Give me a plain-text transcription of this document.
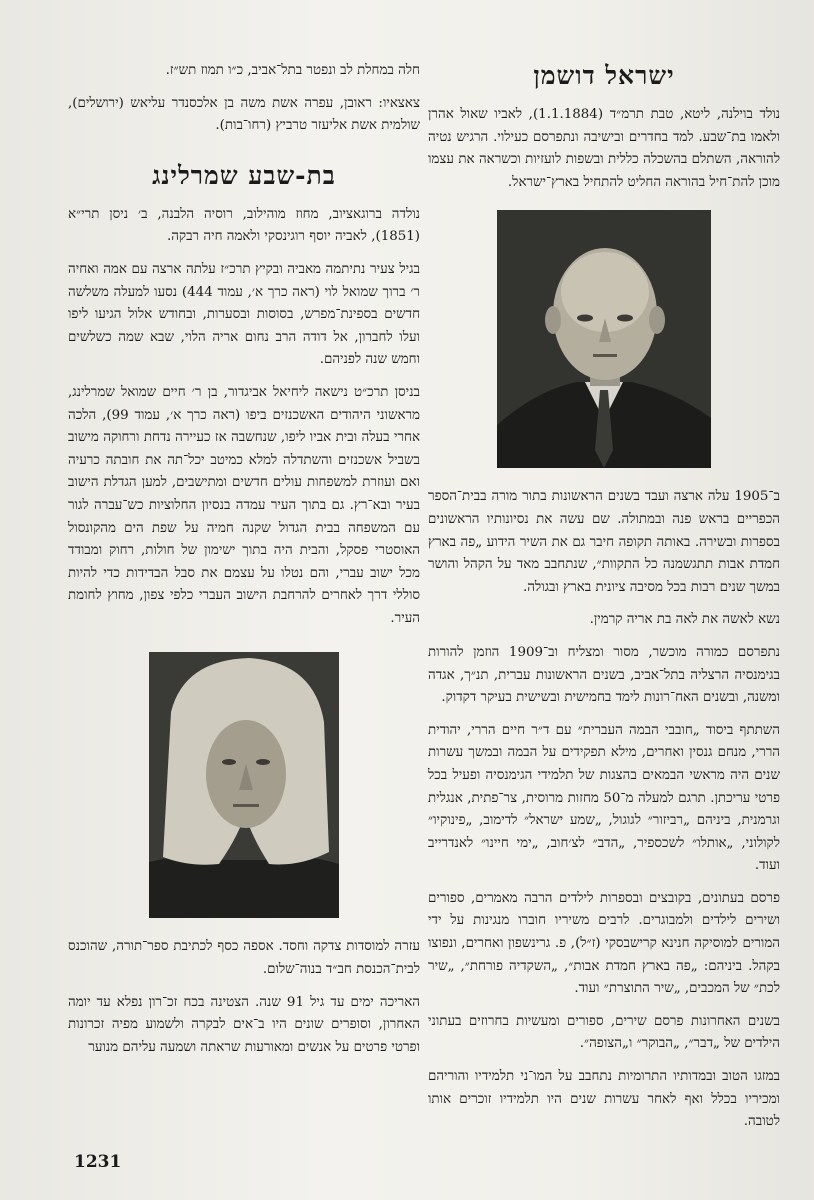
ישראל דושמן

נולד בוילנה, ליטא, טבת תרמ״ד (1.1.1884), לאביו שאול אהרן ולאמו בת־שבע. למד בחדרים ובישיבה ונתפרסם כעילוי. הרגיש נטיה להוראה, השתלם בהשכלה כללית ובשפות לועזיות וכשראה את עצמו מוכן להת־חיל בהוראה החליט להתחיל בארץ־ישראל.

ב־1905 עלה ארצה ועבד בשנים הראשונות בתור מורה בבית־הספר הכפריים בראש פנה ובמתולה. שם עשה את נסיונותיו הראשונים בספרות ובשירה. באותה תקופה חיבר גם את השיר הידוע „פה בארץ חמדת אבות תתגשמנה כל התקוות״, שנתחבב מאד על הקהל והושר במשך שנים רבות בכל מסיבה ציונית בארץ ובגולה.

נשא לאשה את לאה בת אריה קרמין.

נתפרסם כמורה מוכשר, מסור ומצליח וב־1909 הוזמן להורות בגימנסיה הרצליה בתל־אביב, בשנים הראשונות עברית, תנ״ך, אגדה ומשנה, ובשנים האח־רונות לימד בחמישית ובשישית בעיקר דקדוק.

השתתף ביסוד „חובבי הבמה העברית״ עם ד״ר חיים הררי, יהודית הררי, מנחם גנסין ואחרים, מילא תפקידים על הבמה ובמשך עשרות שנים היה מראשי הבמאים בהצגות של תלמידי הגימנסיה ופעיל בכל פרטי עריכתן. תרגם למעלה מ־50 מחזות מרוסית, צר־פתית, אנגלית וגרמנית, ביניהם „רביזור״ לגוגול, „שמע ישראל״ לדימוב, „פינוקיו״ לקולוני, „אותלו״ לשכספיר, „הדב״ לצ׳חוב, „ימי חיינו״ לאנדרייב ועוד.

פרסם בעתונים, בקובצים ובספרות לילדים הרבה מאמרים, ספורים ושירים לילדים ולמבוגרים. לרבים משיריו חוברו מנגינות על ידי המורים למוסיקה חנינא קרישבסקי (ז״ל), פ. גרינשפון ואחרים, ונפוצו בקהל. ביניהם: „פה בארץ חמדת אבות״, „השקדיה פורחת״, „שיר לכת״ של המכבים, „שיר התוצרת״ ועוד.

בשנים האחרונות פרסם שירים, ספורים ומעשיות בחרוזים בעתוני הילדים של „דבר״, „הבוקר״ ו„הצופה״.

במזגו הטוב ובמדותיו התרומיות נתחבב על המו־ני תלמידיו והוריהם ומכיריו בכלל ואף לאחר עשרות שנים היו תלמידיו זוכרים אותו לטובה.

חלה במחלת לב ונפטר בתל־אביב, כ״ו תמוז תש״ז.

צאצאיו: ראובן, עפרה אשת משה בן אלכסנדר עליאש (ירושלים), שולמית אשת אליעזר טרביץ (רחו־בות).

בת-שבע שמרלינג

נולדה ברוגאציוב, מחוז מוהילוב, רוסיה הלבנה, ב׳ ניסן תרי״א (1851), לאביה יוסף רוגינסקי ולאמה חיה רבקה.

בגיל צעיר נתיתמה מאביה ובקיץ תרכ״ז עלתה ארצה עם אמה ואחיה ר׳ ברוך שמואל לוי (ראה כרך א׳, עמוד 444) נסעו למעלה משלשה חדשים בספינת־מפרש, בסוסות ובסערות, ובחודש אלול הגיעו ליפו ועלו לחברון, אל דודה הרב נחום אריה הלוי, שבא שמה כשלשים וחמש שנה לפניהם.

בניסן תרכ״ט נישאה ליחיאל אביגדור, בן ר׳ חיים שמואל שמרלינג, מראשוני היהודים האשכנזים ביפו (ראה כרך א׳, עמוד 99), הלכה אחרי בעלה ובית אביו ליפו, שנחשבה אז כעיירה נדחת ורחוקה מישוב בשביל אשכנזים והשתדלה למלא כמיטב יכל־תה את חובתה כרעיה ואם ועוזרת למשפחות עולים חדשים ומתישבים, למען הגדלת הישוב בעיר ובא־רץ. גם בתוך העיר עמדה בנסיון החלוציות כש־עברה לגור עם המשפחה בבית הגדול שקנה חמיה על שפת הים מהקונסול האוסטרי פסקל, והבית היה בתוך ישימון של חולות, רחוק ומבודד מכל ישוב עברי, והם נטלו על עצמם את סבל הבדידות כדי להיות סוללי דרך לאחרים להרחבת הישוב העברי כלפי צפון, מחוץ לחומת העיר.

עזרה למוסדות צדקה וחסד. אספה כסף לכתיבת ספר־תורה, שהוכנס לבית־הכנסת חב״ד בנוה־שלום.

האריכה ימים עד גיל 91 שנה. הצטינה בכח זכ־רון נפלא עד יומה האחרון, וסופרים שונים היו ב־אים לבקרה ולשמוע מפיה זכרונות ופרטי פרטים על אנשים ומאורעות שראתה ושמעה עליהם מנוער

1231
